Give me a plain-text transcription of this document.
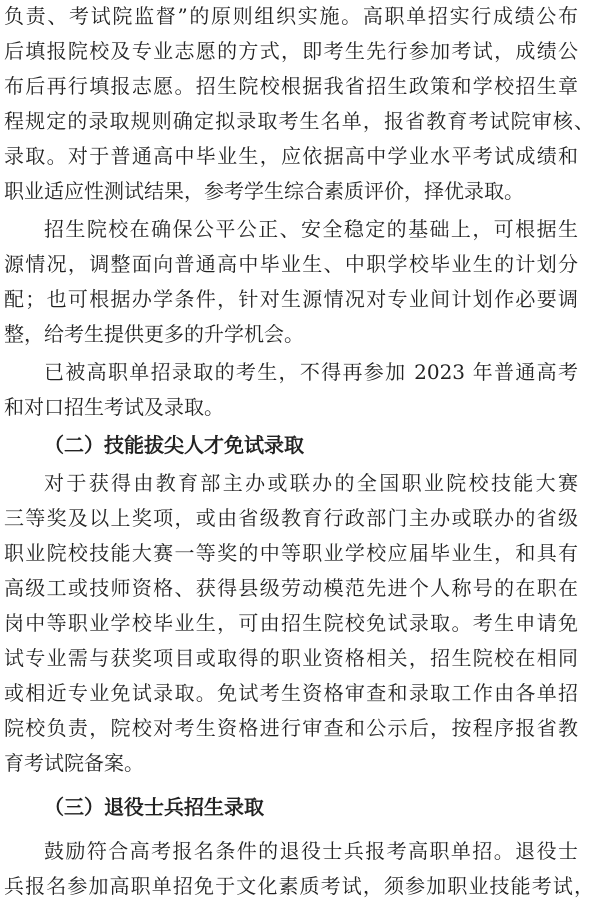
负责、考试院监督”的原则组织实施。高职单招实行成绩公布
后填报院校及专业志愿的方式，即考生先行参加考试，成绩公
布后再行填报志愿。招生院校根据我省招生政策和学校招生章
程规定的录取规则确定拟录取考生名单，报省教育考试院审核、
录取。对于普通高中毕业生，应依据高中学业水平考试成绩和
职业适应性测试结果，参考学生综合素质评价，择优录取。
招生院校在确保公平公正、安全稳定的基础上，可根据生
源情况，调整面向普通高中毕业生、中职学校毕业生的计划分
配；也可根据办学条件，针对生源情况对专业间计划作必要调
整，给考生提供更多的升学机会。
已被高职单招录取的考生，不得再参加 2023 年普通高考
和对口招生考试及录取。
（二）技能拔尖人才免试录取
对于获得由教育部主办或联办的全国职业院校技能大赛
三等奖及以上奖项，或由省级教育行政部门主办或联办的省级
职业院校技能大赛一等奖的中等职业学校应届毕业生，和具有
高级工或技师资格、获得县级劳动模范先进个人称号的在职在
岗中等职业学校毕业生，可由招生院校免试录取。考生申请免
试专业需与获奖项目或取得的职业资格相关，招生院校在相同
或相近专业免试录取。免试考生资格审查和录取工作由各单招
院校负责，院校对考生资格进行审查和公示后，按程序报省教
育考试院备案。
（三）退役士兵招生录取
鼓励符合高考报名条件的退役士兵报考高职单招。退役士
兵报名参加高职单招免于文化素质考试，须参加职业技能考试，
